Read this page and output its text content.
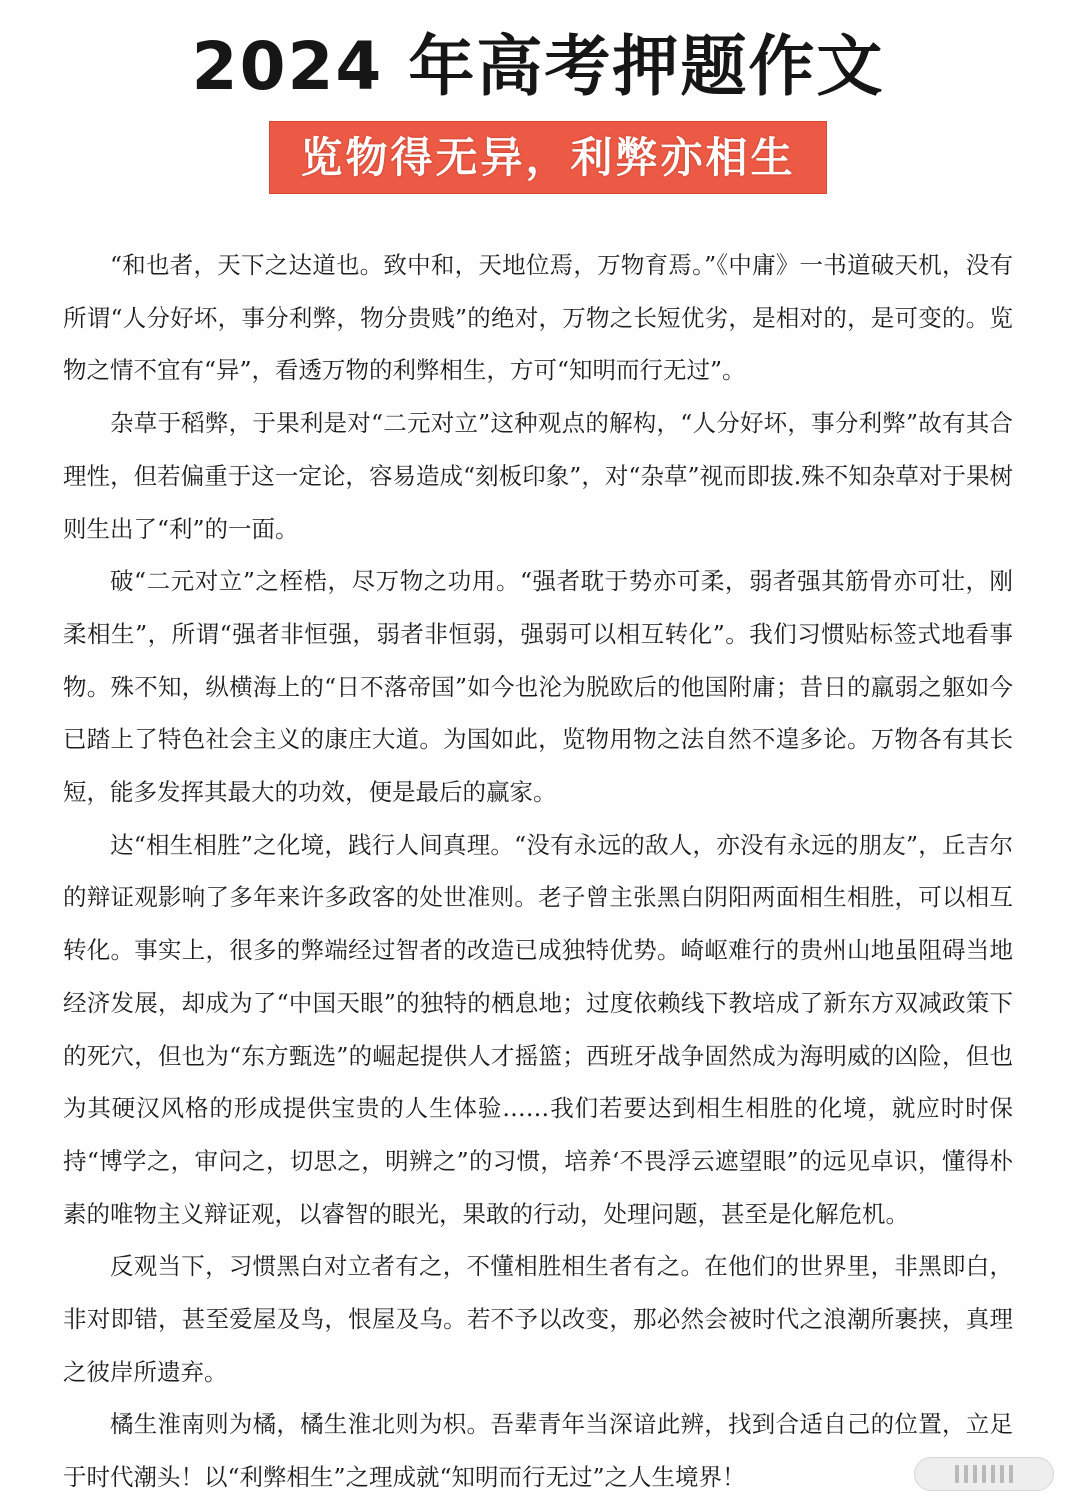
2024 年高考押题作文
览物得无异，利弊亦相生

“和也者，天下之达道也。致中和，天地位焉，万物育焉。”《中庸》一书道破天机，没有所谓“人分好坏，事分利弊，物分贵贱”的绝对，万物之长短优劣，是相对的，是可变的。览物之情不宜有“异”，看透万物的利弊相生，方可“知明而行无过”。

杂草于稻弊，于果利是对“二元对立”这种观点的解构，“人分好坏，事分利弊”故有其合理性，但若偏重于这一定论，容易造成“刻板印象”，对“杂草”视而即拔.殊不知杂草对于果树则生出了“利”的一面。

破“二元对立”之桎梏，尽万物之功用。“强者耽于势亦可柔，弱者强其筋骨亦可壮，刚柔相生”，所谓“强者非恒强，弱者非恒弱，强弱可以相互转化”。我们习惯贴标签式地看事物。殊不知，纵横海上的“日不落帝国”如今也沦为脱欧后的他国附庸；昔日的羸弱之躯如今已踏上了特色社会主义的康庄大道。为国如此，览物用物之法自然不遑多论。万物各有其长短，能多发挥其最大的功效，便是最后的赢家。

达“相生相胜”之化境，践行人间真理。“没有永远的敌人，亦没有永远的朋友”，丘吉尔的辩证观影响了多年来许多政客的处世准则。老子曾主张黑白阴阳两面相生相胜，可以相互转化。事实上，很多的弊端经过智者的改造已成独特优势。崎岖难行的贵州山地虽阻碍当地经济发展，却成为了“中国天眼”的独特的栖息地；过度依赖线下教培成了新东方双减政策下的死穴，但也为“东方甄选”的崛起提供人才摇篮；西班牙战争固然成为海明威的凶险，但也为其硬汉风格的形成提供宝贵的人生体验……我们若要达到相生相胜的化境，就应时时保持“博学之，审问之，切思之，明辨之”的习惯，培养‘不畏浮云遮望眼”的远见卓识，懂得朴素的唯物主义辩证观，以睿智的眼光，果敢的行动，处理问题，甚至是化解危机。

反观当下，习惯黑白对立者有之，不懂相胜相生者有之。在他们的世界里，非黑即白，非对即错，甚至爱屋及鸟，恨屋及乌。若不予以改变，那必然会被时代之浪潮所裹挟，真理之彼岸所遗弃。

橘生淮南则为橘，橘生淮北则为枳。吾辈青年当深谙此辨，找到合适自己的位置，立足于时代潮头！以“利弊相生”之理成就“知明而行无过”之人生境界！
